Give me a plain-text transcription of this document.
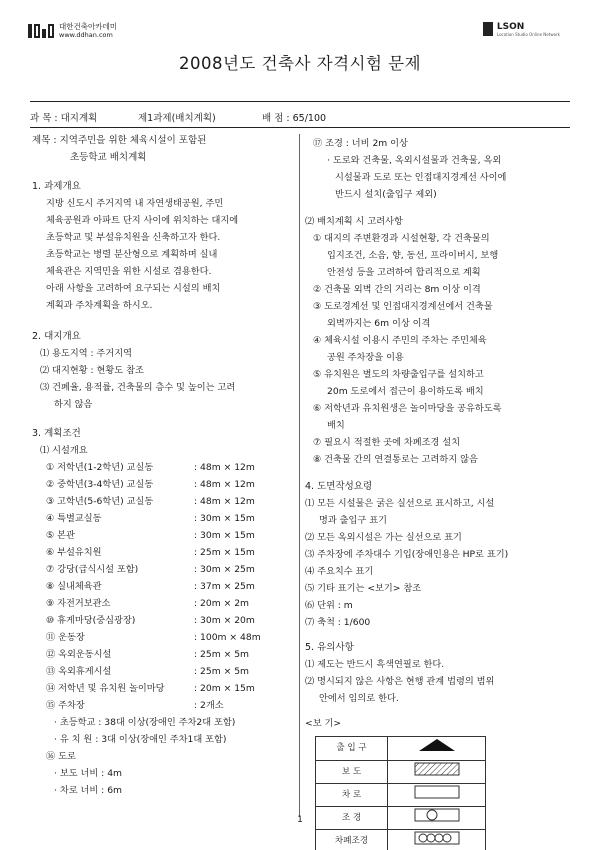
대한건축아카데미
www.ddhan.com
LSON
Location Studio Online Network
2008년도 건축사 자격시험 문제
과 목 : 대지계획	제1과제(배치계획)	배 점 : 65/100
제목 : 지역주민을 위한 체육시설이 포함된
초등학교 배치계획
1. 과제개요
지방 신도시 주거지역 내 자연생태공원, 주민
체육공원과 아파트 단지 사이에 위치하는 대지에
초등학교 및 부설유치원을 신축하고자 한다.
초등학교는 병렬 분산형으로 계획하며 실내
체육관은 지역민을 위한 시설로 겸용한다.
아래 사항을 고려하여 요구되는 시설의 배치
계획과 주차계획을 하시오.
2. 대지개요
⑴ 용도지역 : 주거지역
⑵ 대지현황 : 현황도 참조
⑶ 건폐율, 용적률, 건축물의 층수 및 높이는 고려
하지 않음
3. 계획조건
⑴ 시설개요
① 저학년(1-2학년) 교실동	: 48m × 12m
② 중학년(3-4학년) 교실동	: 48m × 12m
③ 고학년(5-6학년) 교실동	: 48m × 12m
④ 특별교실동	: 30m × 15m
⑤ 본관	: 30m × 15m
⑥ 부설유치원	: 25m × 15m
⑦ 강당(급식시설 포함)	: 30m × 25m
⑧ 실내체육관	: 37m × 25m
⑨ 자전거보관소	: 20m × 2m
⑩ 휴게마당(중심광장)	: 30m × 20m
⑪ 운동장	: 100m × 48m
⑫ 옥외운동시설	: 25m × 5m
⑬ 옥외휴게시설	: 25m × 5m
⑭ 저학년 및 유치원 놀이마당	: 20m × 15m
⑮ 주차장	: 2개소
· 초등학교 : 38대 이상(장애인 주차2대 포함)
· 유 치 원 : 3대 이상(장애인 주차1대 포함)
⑯ 도로
· 보도 너비 : 4m
· 차로 너비 : 6m
⑰ 조경 : 너비 2m 이상
· 도로와 건축물, 옥외시설물과 건축물, 옥외
시설물과 도로 또는 인접대지경계선 사이에
반드시 설치(출입구 제외)
⑵ 배치계획 시 고려사항
① 대지의 주변환경과 시설현황, 각 건축물의
입지조건, 소음, 향, 동선, 프라이버시, 보행
안전성 등을 고려하여 합리적으로 계획
② 건축물 외벽 간의 거리는 8m 이상 이격
③ 도로경계선 및 인접대지경계선에서 건축물
외벽까지는 6m 이상 이격
④ 체육시설 이용시 주민의 주차는 주민체육
공원 주차장을 이용
⑤ 유치원은 별도의 차량출입구를 설치하고
20m 도로에서 접근이 용이하도록 배치
⑥ 저학년과 유치원생은 놀이마당을 공유하도록
배치
⑦ 필요시 적절한 곳에 차폐조경 설치
⑧ 건축물 간의 연결통로는 고려하지 않음
4. 도면작성요령
⑴ 모든 시설물은 굵은 실선으로 표시하고, 시설
명과 출입구 표기
⑵ 모든 옥외시설은 가는 실선으로 표기
⑶ 주차장에 주차대수 기입(장애인용은 HP로 표기)
⑷ 주요치수 표기
⑸ 기타 표기는 <보기> 참조
⑹ 단위 : m
⑺ 축척 : 1/600
5. 유의사항
⑴ 제도는 반드시 흑색연필로 한다.
⑵ 명시되지 않은 사항은 현행 관계 법령의 범위
안에서 임의로 한다.
<보 기>
출 입 구	
보 도	
차 로	
조 경	
차폐조경	
1
